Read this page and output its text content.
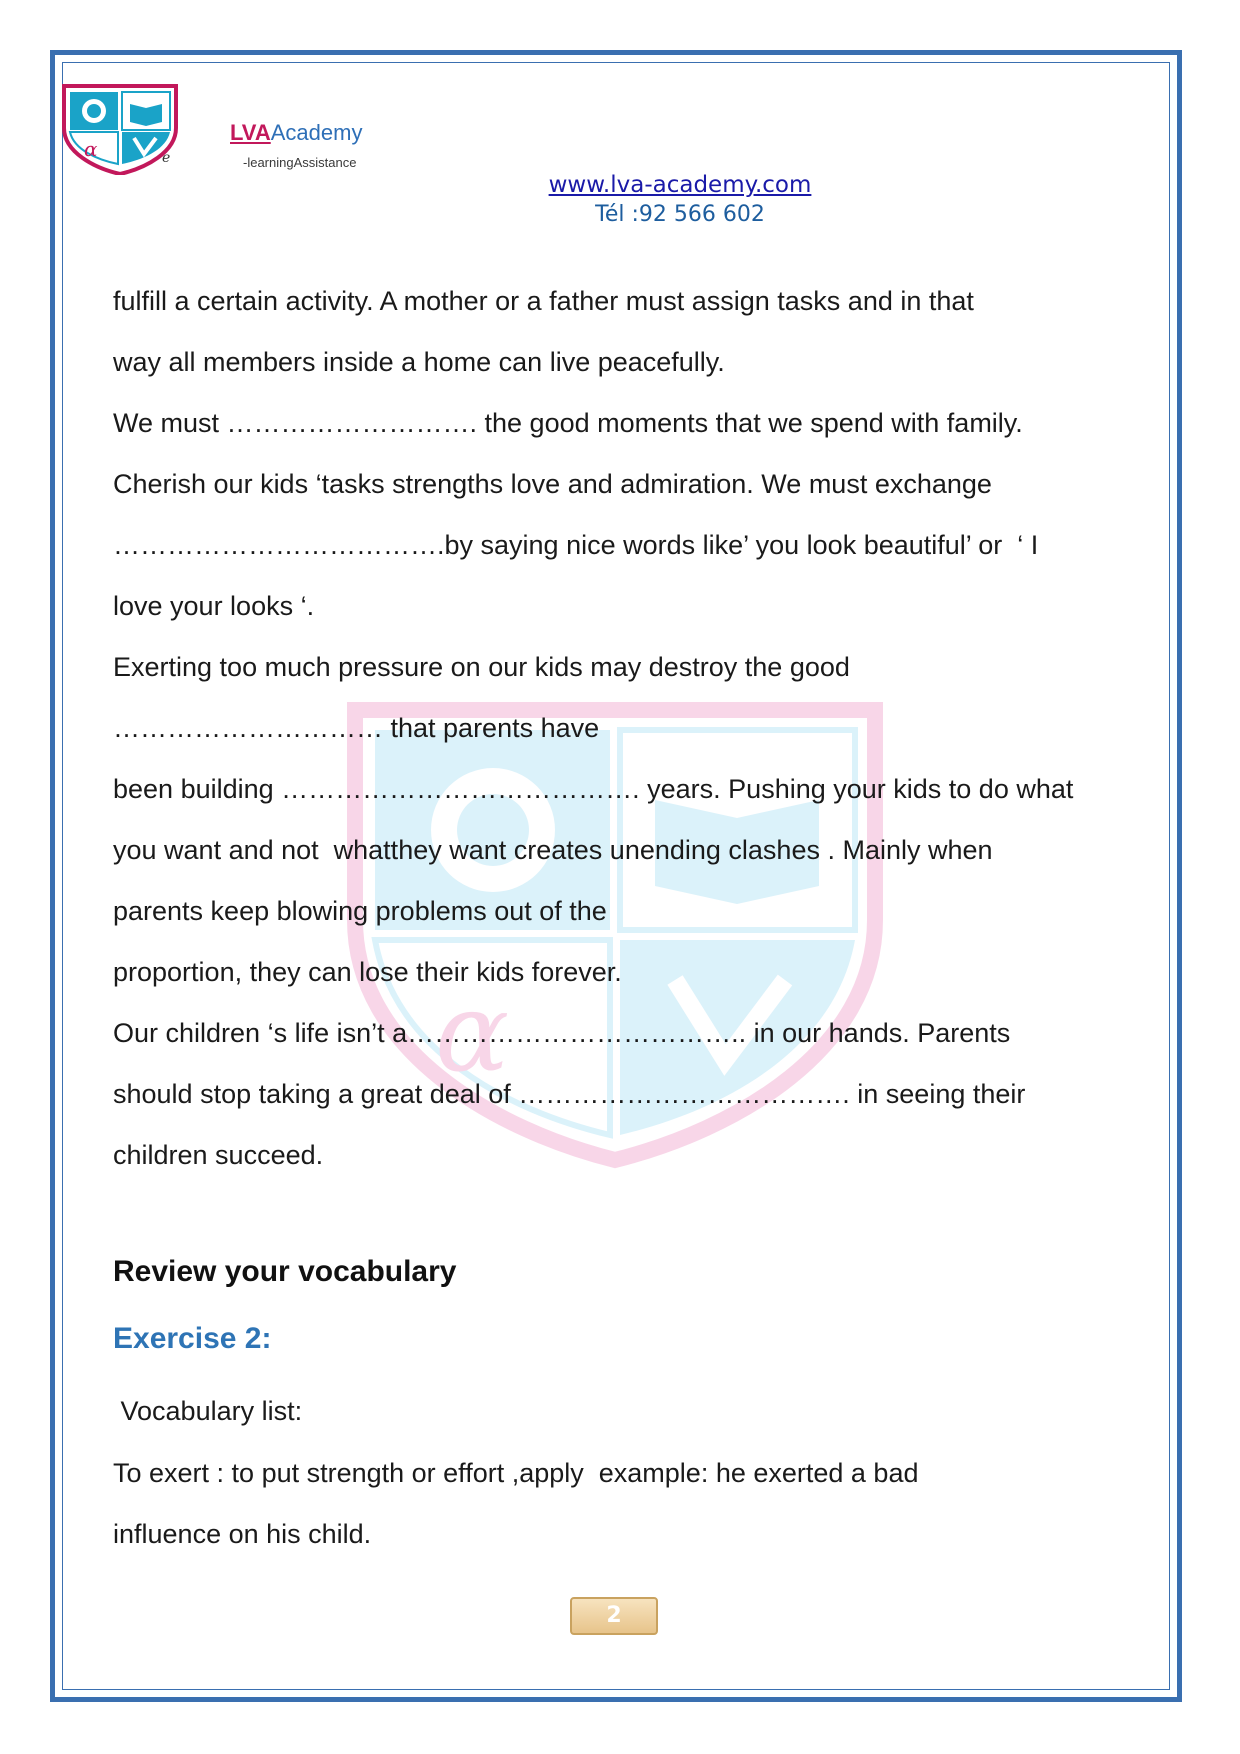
α	e
LVAAcademy
-learningAssistance
www.lva-academy.com
Tél :92 566 602
α
fulfill a certain activity. A mother or a father must assign tasks and in that
way all members inside a home can live peacefully.
We must ………………………. the good moments that we spend with family.
Cherish our kids ‘tasks strengths love and admiration. We must exchange
……………………………….by saying nice words like’ you look beautiful’ or  ‘ I
love your looks ‘.
Exerting too much pressure on our kids may destroy the good
………………………… that parents have
been building …………………………………. years. Pushing your kids to do what
you want and not  whatthey want creates unending clashes . Mainly when
parents keep blowing problems out of the
proportion, they can lose their kids forever.
Our children ‘s life isn’t a……………………………….. in our hands. Parents
should stop taking a great deal of ………………………………. in seeing their
children succeed.
Vocabulary list:
To exert : to put strength or effort ,apply  example: he exerted a bad
influence on his child.
Review your vocabulary
Exercise 2:
2
